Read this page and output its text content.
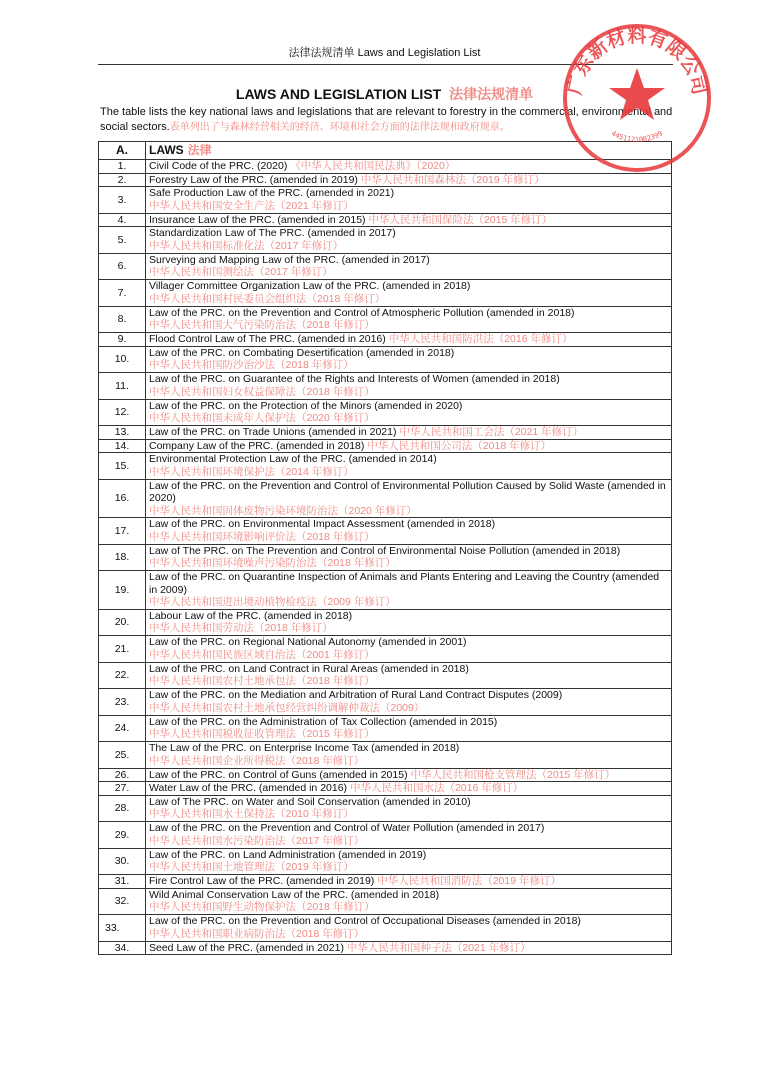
法律法规清单 Laws and Legislation List
LAWS AND LEGISLATION LIST 法律法规清单
The table lists the key national laws and legislations that are relevant to forestry in the commercial, environmental and social sectors.表单列出了与森林经营相关的经济、环境和社会方面的法律法规和政府规章。
A.	LAWS 法律
1.	Civil Code of the PRC. (2020) 《中华人民共和国民法典》（2020）
2.	Forestry Law of the PRC. (amended in 2019) 中华人民共和国森林法（2019 年修订）
3.	Safe Production Law of the PRC. (amended in 2021)
中华人民共和国安全生产法（2021 年修订）
4.	Insurance Law of the PRC. (amended in 2015) 中华人民共和国保险法（2015 年修订）
5.	Standardization Law of The PRC. (amended in 2017)
中华人民共和国标准化法（2017 年修订）
6.	Surveying and Mapping Law of the PRC. (amended in 2017)
中华人民共和国测绘法（2017 年修订）
7.	Villager Committee Organization Law of the PRC. (amended in 2018)
中华人民共和国村民委员会组织法（2018 年修订）
8.	Law of the PRC. on the Prevention and Control of Atmospheric Pollution (amended in 2018)
中华人民共和国大气污染防治法（2018 年修订）
9.	Flood Control Law of The PRC. (amended in 2016) 中华人民共和国防洪法（2016 年修订）
10.	Law of the PRC. on Combating Desertification (amended in 2018)
中华人民共和国防沙治沙法（2018 年修订）
11.	Law of the PRC. on Guarantee of the Rights and Interests of Women (amended in 2018)
中华人民共和国妇女权益保障法（2018 年修订）
12.	Law of the PRC. on the Protection of the Minors (amended in 2020)
中华人民共和国未成年人保护法（2020 年修订）
13.	Law of the PRC. on Trade Unions (amended in 2021) 中华人民共和国工会法（2021 年修订）
14.	Company Law of the PRC. (amended in 2018) 中华人民共和国公司法（2018 年修订）
15.	Environmental Protection Law of the PRC. (amended in 2014)
中华人民共和国环境保护法（2014 年修订）
16.	Law of the PRC. on the Prevention and Control of Environmental Pollution Caused by Solid Waste (amended in 2020)
中华人民共和国固体废物污染环境防治法（2020 年修订）
17.	Law of the PRC. on Environmental Impact Assessment (amended in 2018)
中华人民共和国环境影响评价法（2018 年修订）
18.	Law of The PRC. on The Prevention and Control of Environmental Noise Pollution (amended in 2018)
中华人民共和国环境噪声污染防治法（2018 年修订）
19.	Law of the PRC. on Quarantine Inspection of Animals and Plants Entering and Leaving the Country (amended in 2009)
中华人民共和国进出境动植物检疫法（2009 年修订）
20.	Labour Law of the PRC. (amended in 2018)
中华人民共和国劳动法（2018 年修订）
21.	Law of the PRC. on Regional National Autonomy (amended in 2001)
中华人民共和国民族区域自治法（2001 年修订）
22.	Law of the PRC. on Land Contract in Rural Areas (amended in 2018)
中华人民共和国农村土地承包法（2018 年修订）
23.	Law of the PRC. on the Mediation and Arbitration of Rural Land Contract Disputes (2009)
中华人民共和国农村土地承包经营纠纷调解仲裁法（2009）
24.	Law of the PRC. on the Administration of Tax Collection (amended in 2015)
中华人民共和国税收征收管理法（2015 年修订）
25.	The Law of the PRC. on Enterprise Income Tax (amended in 2018)
中华人民共和国企业所得税法（2018 年修订）
26.	Law of the PRC. on Control of Guns (amended in 2015) 中华人民共和国枪支管理法（2015 年修订）
27.	Water Law of the PRC. (amended in 2016) 中华人民共和国水法（2016 年修订）
28.	Law of The PRC. on Water and Soil Conservation (amended in 2010)
中华人民共和国水土保持法（2010 年修订）
29.	Law of the PRC. on the Prevention and Control of Water Pollution (amended in 2017)
中华人民共和国水污染防治法（2017 年修订）
30.	Law of the PRC. on Land Administration (amended in 2019)
中华人民共和国土地管理法（2019 年修订）
31.	Fire Control Law of the PRC. (amended in 2019) 中华人民共和国消防法（2019 年修订）
32.	Wild Animal Conservation Law of the PRC. (amended in 2018)
中华人民共和国野生动物保护法（2018 年修订）
33.	Law of the PRC. on the Prevention and Control of Occupational Diseases (amended in 2018)
中华人民共和国职业病防治法（2018 年修订）
34.	Seed Law of the PRC. (amended in 2021) 中华人民共和国种子法（2021 年修订）
广东新材料有限公司
4451121002399
